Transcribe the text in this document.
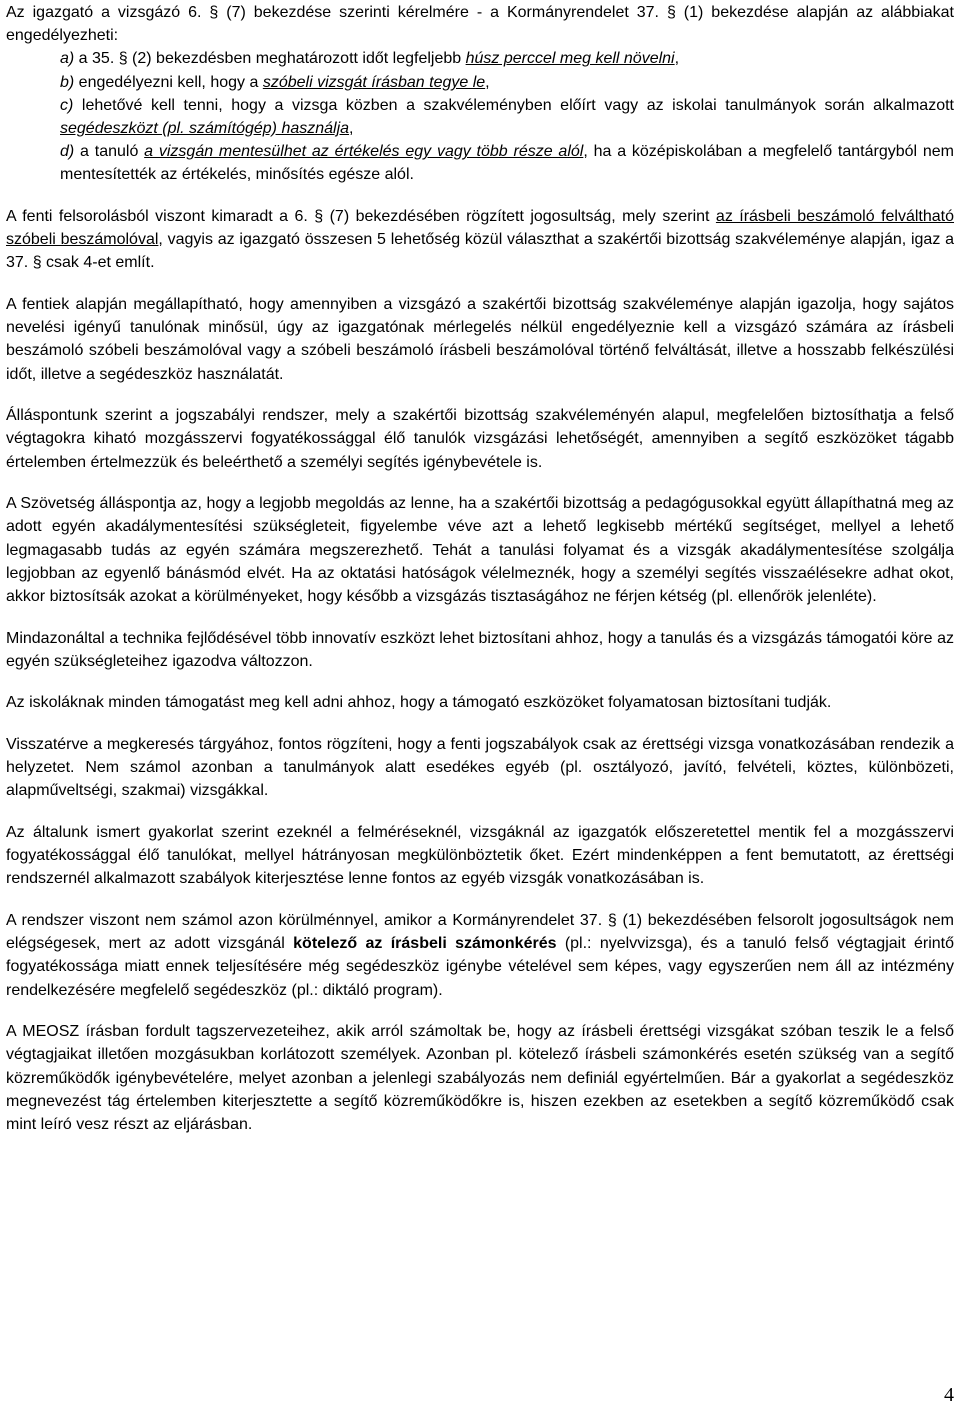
Az igazgató a vizsgázó 6. § (7) bekezdése szerinti kérelmére - a Kormányrendelet 37. § (1) bekezdése alapján az alábbiakat engedélyezheti:

a) a 35. § (2) bekezdésben meghatározott időt legfeljebb húsz perccel meg kell növelni,

b) engedélyezni kell, hogy a szóbeli vizsgát írásban tegye le,

c) lehetővé kell tenni, hogy a vizsga közben a szakvéleményben előírt vagy az iskolai tanulmányok során alkalmazott segédeszközt (pl. számítógép) használja,

d) a tanuló a vizsgán mentesülhet az értékelés egy vagy több része alól, ha a középiskolában a megfelelő tantárgyból nem mentesítették az értékelés, minősítés egésze alól.

A fenti felsorolásból viszont kimaradt a 6. § (7) bekezdésében rögzített jogosultság, mely szerint az írásbeli beszámoló felváltható szóbeli beszámolóval, vagyis az igazgató összesen 5 lehetőség közül választhat a szakértői bizottság szakvéleménye alapján, igaz a 37. § csak 4-et említ.

A fentiek alapján megállapítható, hogy amennyiben a vizsgázó a szakértői bizottság szakvéleménye alapján igazolja, hogy sajátos nevelési igényű tanulónak minősül, úgy az igazgatónak mérlegelés nélkül engedélyeznie kell a vizsgázó számára az írásbeli beszámoló szóbeli beszámolóval vagy a szóbeli beszámoló írásbeli beszámolóval történő felváltását, illetve a hosszabb felkészülési időt, illetve a segédeszköz használatát.

Álláspontunk szerint a jogszabályi rendszer, mely a szakértői bizottság szakvéleményén alapul, megfelelően biztosíthatja a felső végtagokra kiható mozgásszervi fogyatékossággal élő tanulók vizsgázási lehetőségét, amennyiben a segítő eszközöket tágabb értelemben értelmezzük és beleérthető a személyi segítés igénybevétele is.

A Szövetség álláspontja az, hogy a legjobb megoldás az lenne, ha a szakértői bizottság a pedagógusokkal együtt állapíthatná meg az adott egyén akadálymentesítési szükségleteit, figyelembe véve azt a lehető legkisebb mértékű segítséget, mellyel a lehető legmagasabb tudás az egyén számára megszerezhető. Tehát a tanulási folyamat és a vizsgák akadálymentesítése szolgálja legjobban az egyenlő bánásmód elvét. Ha az oktatási hatóságok vélelmeznék, hogy a személyi segítés visszaélésekre adhat okot, akkor biztosítsák azokat a körülményeket, hogy később a vizsgázás tisztaságához ne férjen kétség (pl. ellenőrök jelenléte).

Mindazonáltal a technika fejlődésével több innovatív eszközt lehet biztosítani ahhoz, hogy a tanulás és a vizsgázás támogatói köre az egyén szükségleteihez igazodva változzon.

Az iskoláknak minden támogatást meg kell adni ahhoz, hogy a támogató eszközöket folyamatosan biztosítani tudják.

Visszatérve a megkeresés tárgyához, fontos rögzíteni, hogy a fenti jogszabályok csak az érettségi vizsga vonatkozásában rendezik a helyzetet. Nem számol azonban a tanulmányok alatt esedékes egyéb (pl. osztályozó, javító, felvételi, köztes, különbözeti, alapműveltségi, szakmai) vizsgákkal.

Az általunk ismert gyakorlat szerint ezeknél a felméréseknél, vizsgáknál az igazgatók előszeretettel mentik fel a mozgásszervi fogyatékossággal élő tanulókat, mellyel hátrányosan megkülönböztetik őket. Ezért mindenképpen a fent bemutatott, az érettségi rendszernél alkalmazott szabályok kiterjesztése lenne fontos az egyéb vizsgák vonatkozásában is.

A rendszer viszont nem számol azon körülménnyel, amikor a Kormányrendelet 37. § (1) bekezdésében felsorolt jogosultságok nem elégségesek, mert az adott vizsgánál kötelező az írásbeli számonkérés (pl.: nyelvvizsga), és a tanuló felső végtagjait érintő fogyatékossága miatt ennek teljesítésére még segédeszköz igénybe vételével sem képes, vagy egyszerűen nem áll az intézmény rendelkezésére megfelelő segédeszköz (pl.: diktáló program).

A MEOSZ írásban fordult tagszervezeteihez, akik arról számoltak be, hogy az írásbeli érettségi vizsgákat szóban teszik le a felső végtagjaikat illetően mozgásukban korlátozott személyek. Azonban pl. kötelező írásbeli számonkérés esetén szükség van a segítő közreműködők igénybevételére, melyet azonban a jelenlegi szabályozás nem definiál egyértelműen. Bár a gyakorlat a segédeszköz megnevezést tág értelemben kiterjesztette a segítő közreműködőkre is, hiszen ezekben az esetekben a segítő közreműködő csak mint leíró vesz részt az eljárásban.

4
